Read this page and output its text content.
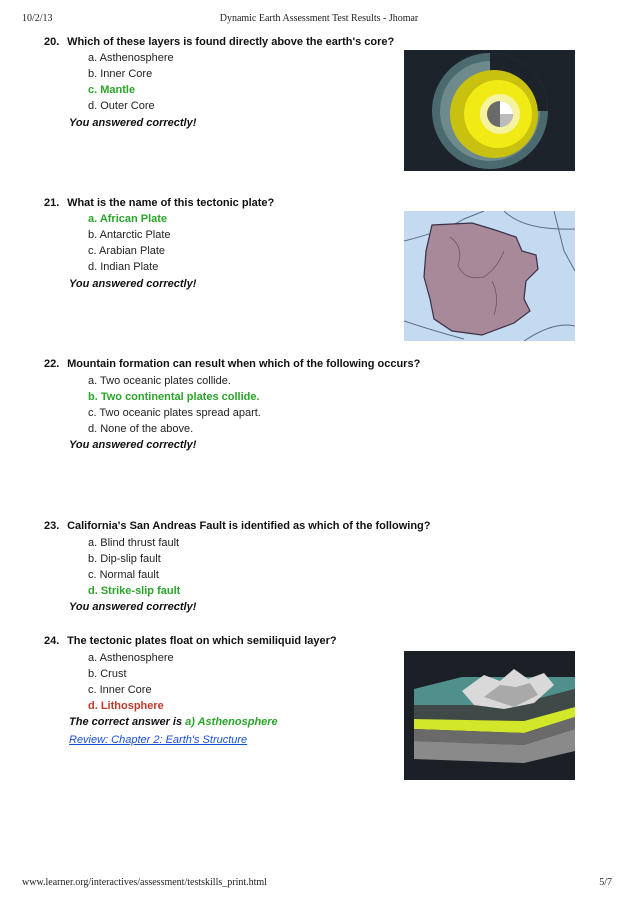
10/2/13	Dynamic Earth Assessment Test Results - Jhomar
20. Which of these layers is found directly above the earth's core?
a. Asthenosphere
b. Inner Core
c. Mantle
d. Outer Core
You answered correctly!
21. What is the name of this tectonic plate?
a. African Plate
b. Antarctic Plate
c. Arabian Plate
d. Indian Plate
You answered correctly!
22. Mountain formation can result when which of the following occurs?
a. Two oceanic plates collide.
b. Two continental plates collide.
c. Two oceanic plates spread apart.
d. None of the above.
You answered correctly!
23. California's San Andreas Fault is identified as which of the following?
a. Blind thrust fault
b. Dip-slip fault
c. Normal fault
d. Strike-slip fault
You answered correctly!
24. The tectonic plates float on which semiliquid layer?
a. Asthenosphere
b. Crust
c. Inner Core
d. Lithosphere
The correct answer is a) Asthenosphere
Review: Chapter 2: Earth's Structure
www.learner.org/interactives/assessment/testskills_print.html	5/7
